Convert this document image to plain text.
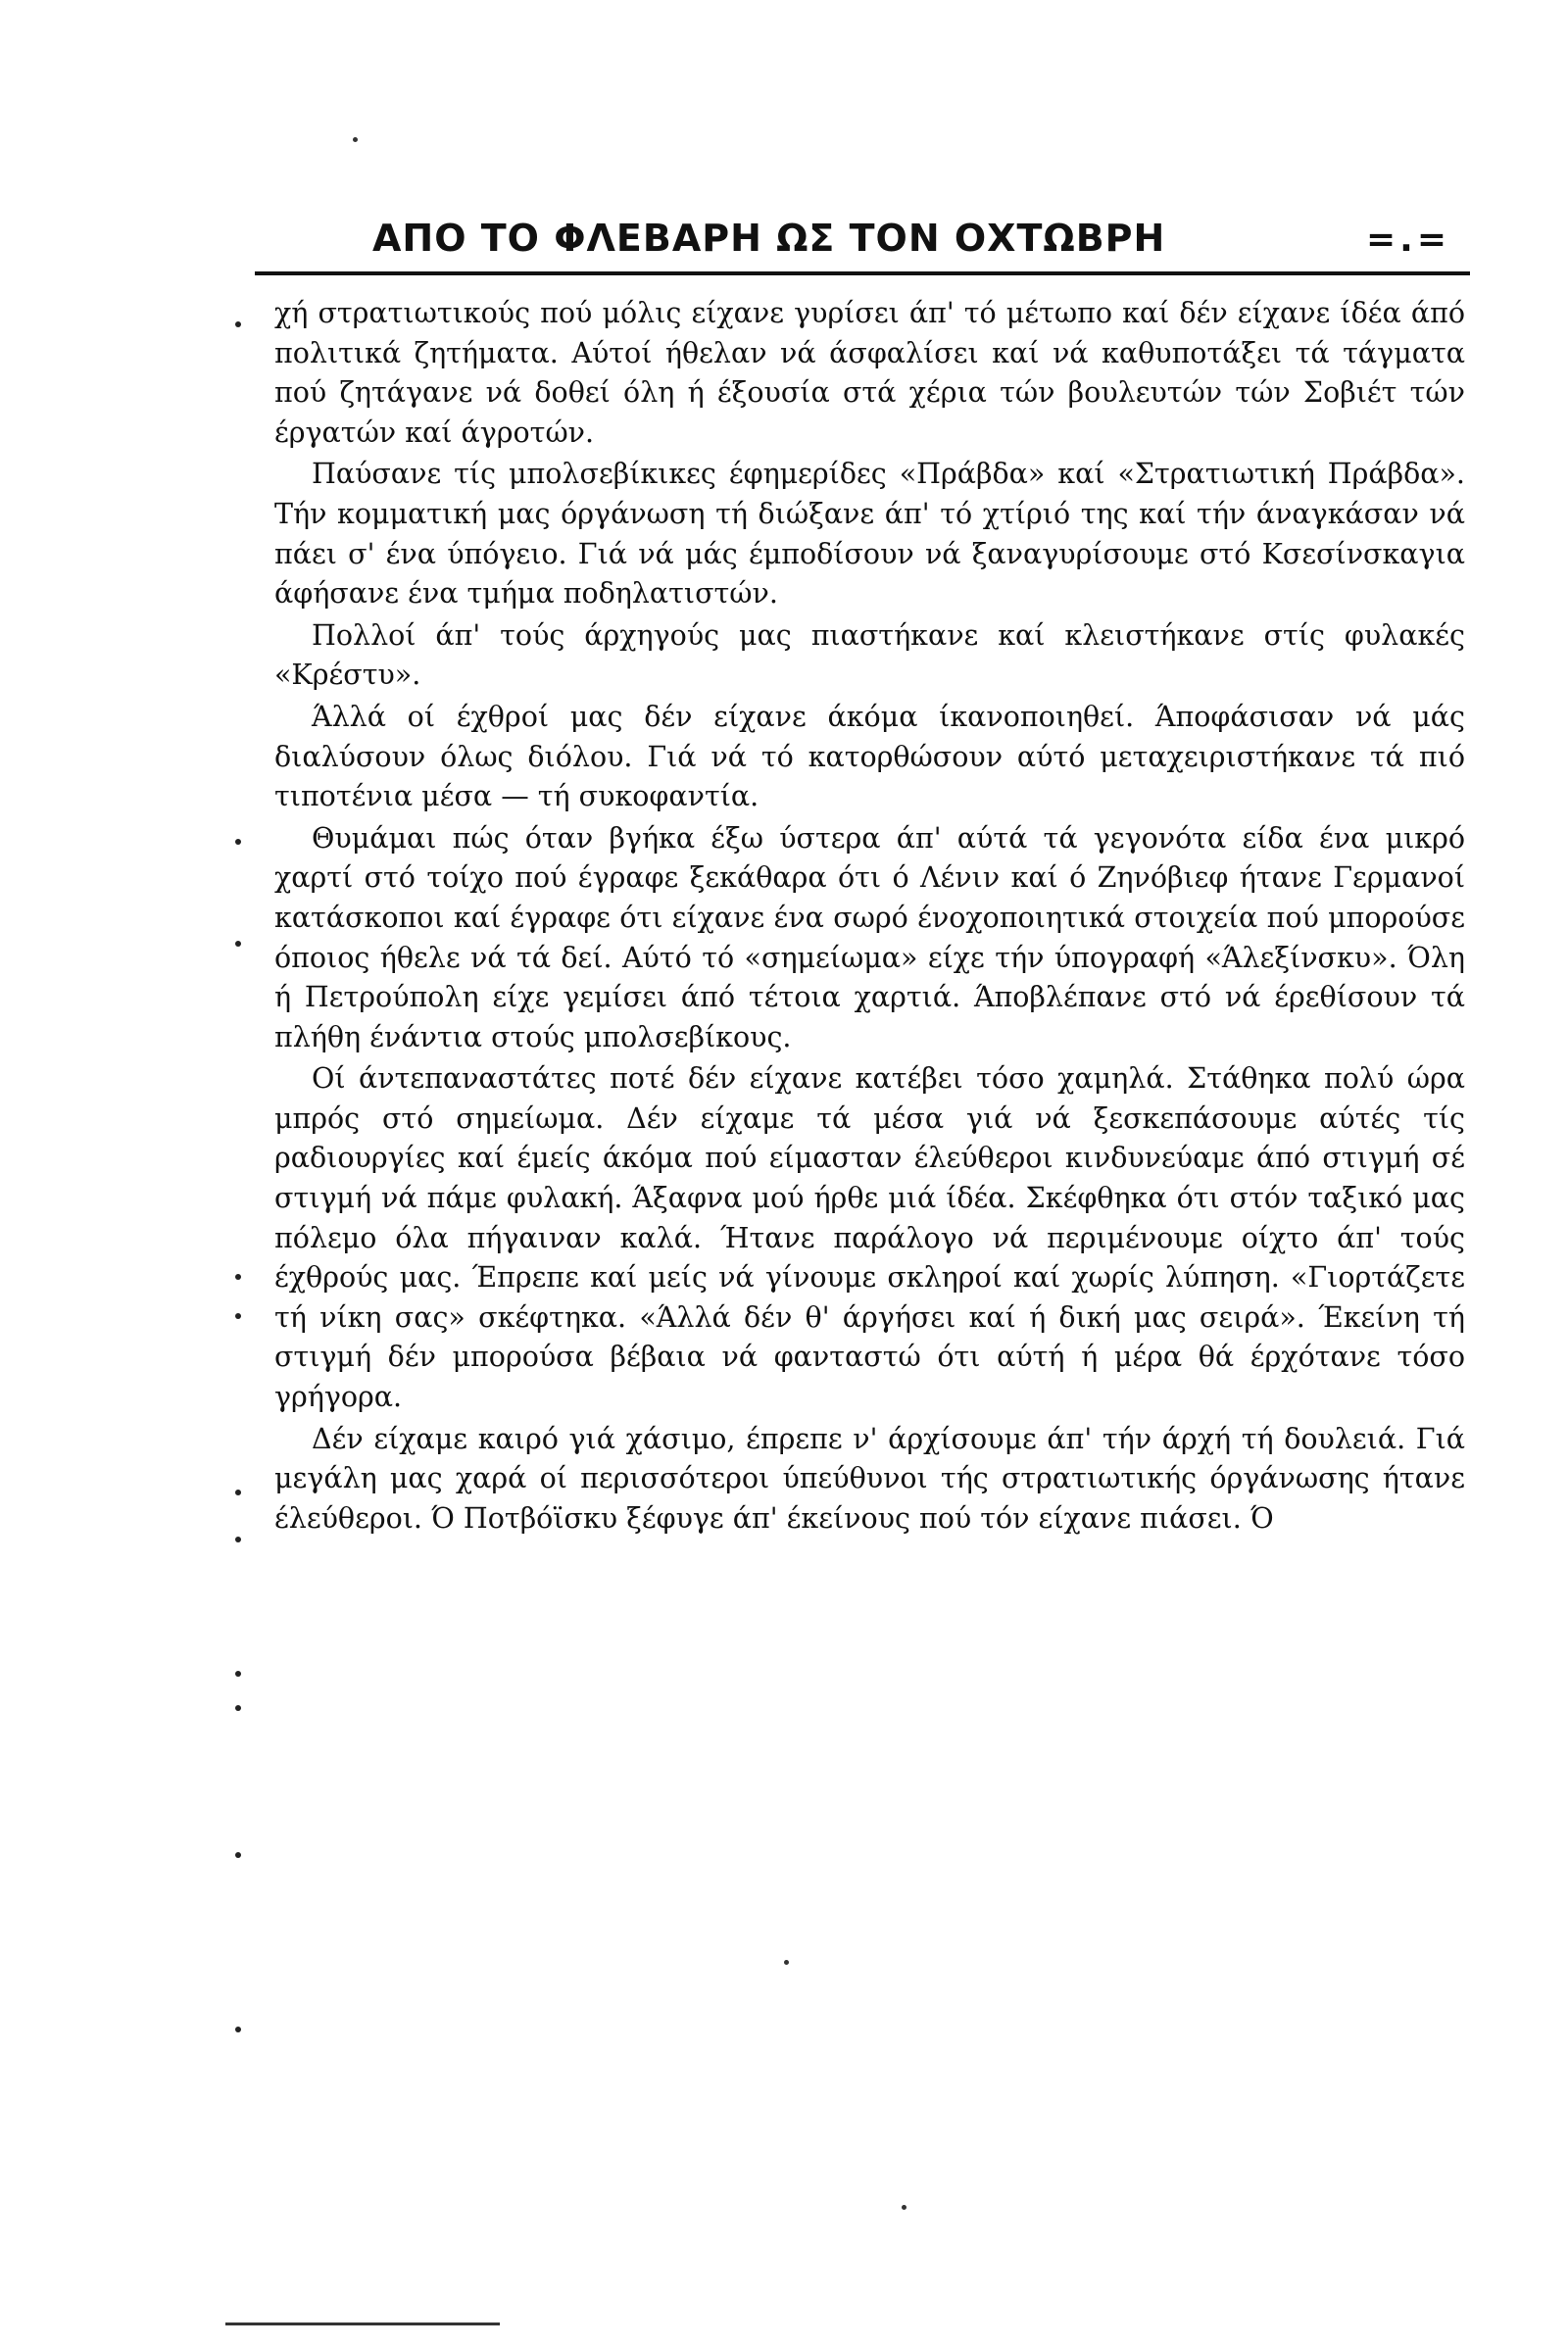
ΑΠΟ ΤΟ ΦΛΕΒΑΡΗ ΩΣ ΤΟΝ ΟΧΤΩΒΡΗ	=.=

χή στρατιωτικούς πού μόλις είχανε γυρίσει άπ' τό μέτωπο καί δέν είχανε ίδέα άπό πολιτικά ζητήματα. Αύτοί ήθελαν νά άσφαλίσει καί νά καθυποτάξει τά τάγματα πού ζητάγανε νά δοθεί όλη ή έξουσία στά χέρια τών βουλευτών τών Σοβιέτ τών έργατών καί άγροτών.

Παύσανε τίς μπολσεβίκικες έφημερίδες «Πράβδα» καί «Στρατιωτική Πράβδα». Τήν κομματική μας όργάνωση τή διώξανε άπ' τό χτίριό της καί τήν άναγκάσαν νά πάει σ' ένα ύπόγειο. Γιά νά μάς έμποδίσουν νά ξαναγυρίσουμε στό Κσεσίνσκαγια άφήσανε ένα τμήμα ποδηλατιστών.

Πολλοί άπ' τούς άρχηγούς μας πιαστήκανε καί κλειστήκανε στίς φυλακές «Κρέστυ».

Άλλά οί έχθροί μας δέν είχανε άκόμα ίκανοποιηθεί. Άποφάσισαν νά μάς διαλύσουν όλως διόλου. Γιά νά τό κατορθώσουν αύτό μεταχειριστήκανε τά πιό τιποτένια μέσα — τή συκοφαντία.

Θυμάμαι πώς όταν βγήκα έξω ύστερα άπ' αύτά τά γεγονότα είδα ένα μικρό χαρτί στό τοίχο πού έγραφε ξεκάθαρα ότι ό Λένιν καί ό Ζηνόβιεφ ήτανε Γερμανοί κατάσκοποι καί έγραφε ότι είχανε ένα σωρό ένοχοποιητικά στοιχεία πού μπορούσε όποιος ήθελε νά τά δεί. Αύτό τό «σημείωμα» είχε τήν ύπογραφή «Άλεξίνσκυ». Όλη ή Πετρούπολη είχε γεμίσει άπό τέτοια χαρτιά. Άποβλέπανε στό νά έρεθίσουν τά πλήθη ένάντια στούς μπολσεβίκους.

Οί άντεπαναστάτες ποτέ δέν είχανε κατέβει τόσο χαμηλά. Στάθηκα πολύ ώρα μπρός στό σημείωμα. Δέν είχαμε τά μέσα γιά νά ξεσκεπάσουμε αύτές τίς ραδιουργίες καί έμείς άκόμα πού είμασταν έλεύθεροι κινδυνεύαμε άπό στιγμή σέ στιγμή νά πάμε φυλακή. Άξαφνα μού ήρθε μιά ίδέα. Σκέφθηκα ότι στόν ταξικό μας πόλεμο όλα πήγαιναν καλά. Ήτανε παράλογο νά περιμένουμε οίχτο άπ' τούς έχθρούς μας. Έπρεπε καί μείς νά γίνουμε σκληροί καί χωρίς λύπηση. «Γιορτάζετε τή νίκη σας» σκέφτηκα. «Άλλά δέν θ' άργήσει καί ή δική μας σειρά». Έκείνη τή στιγμή δέν μπορούσα βέβαια νά φανταστώ ότι αύτή ή μέρα θά έρχότανε τόσο γρήγορα.

Δέν είχαμε καιρό γιά χάσιμο, έπρεπε ν' άρχίσουμε άπ' τήν άρχή τή δουλειά. Γιά μεγάλη μας χαρά οί περισσότεροι ύπεύθυνοι τής στρατιωτικής όργάνωσης ήτανε έλεύθεροι. Ό Ποτβόϊσκυ ξέφυγε άπ' έκείνους πού τόν είχανε πιάσει. Ό
